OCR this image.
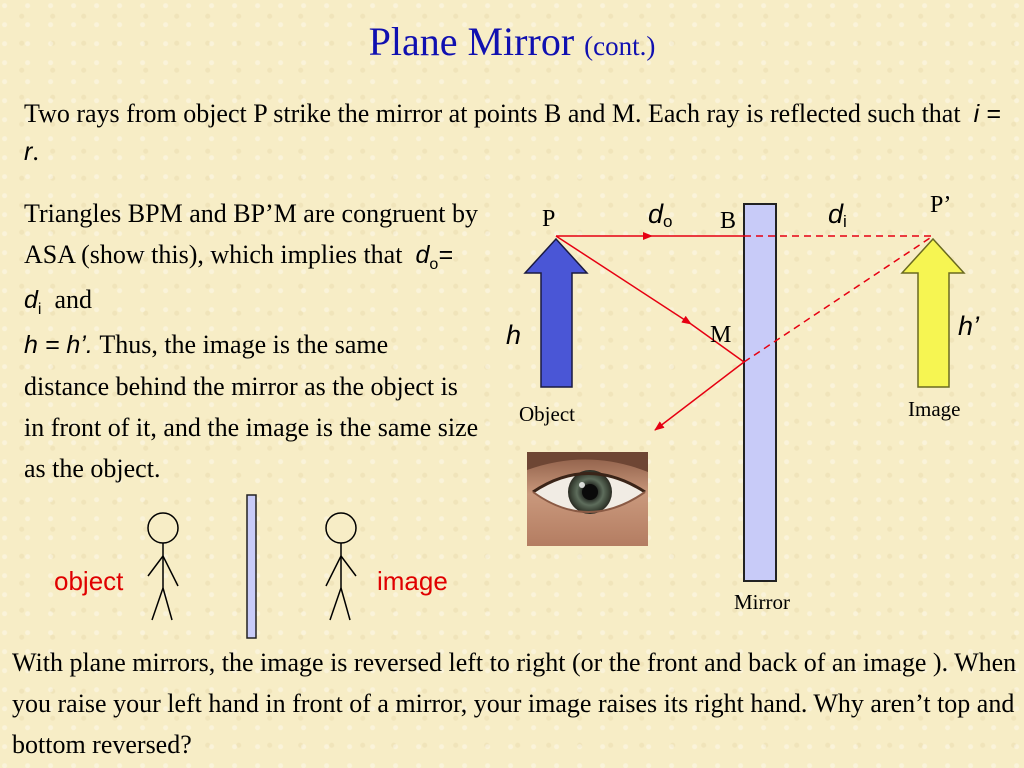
Plane Mirror (cont.)
Two rays from object P strike the mirror at points B and M. Each ray is reflected such that i = r.
Triangles BPM and BP’M are congruent by ASA (show this), which implies that $d_o= d_i$ and
h = h’. Thus, the image is the same distance behind the mirror as the object is in front of it, and the image is the same size as the object.
P
P’
B
M
do	di
h	h’
Object	Image
Mirror
object	image
With plane mirrors, the image is reversed left to right (or the front and back of an image ). When you raise your left hand in front of a mirror, your image raises its right hand. Why aren’t top and bottom reversed?
